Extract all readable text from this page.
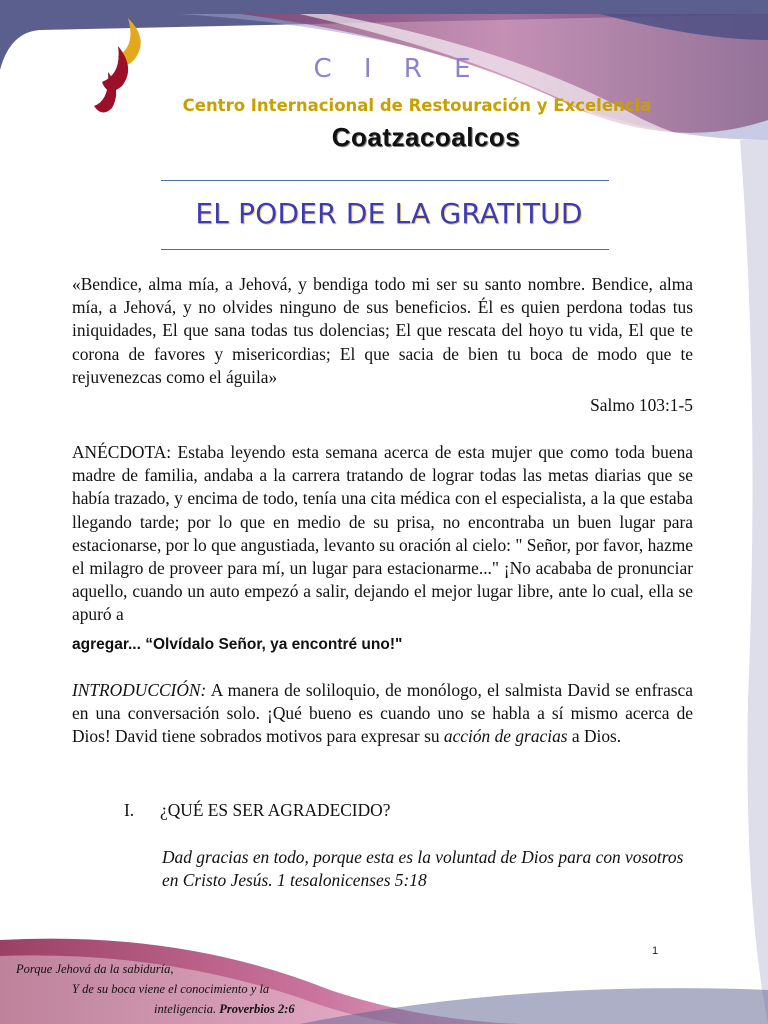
C I R E
Centro Internacional de Restouración y Excelencia
Coatzacoalcos
EL PODER DE LA GRATITUD
«Bendice, alma mía, a Jehová, y bendiga todo mi ser su santo nombre. Bendice, alma mía, a Jehová, y no olvides ninguno de sus beneficios. Él es quien perdona todas tus iniquidades, El que sana todas tus dolencias; El que rescata del hoyo tu vida, El que te corona de favores y misericordias; El que sacia de bien tu boca de modo que te rejuvenezcas como el águila»
Salmo 103:1-5
ANÉCDOTA: Estaba leyendo esta semana acerca de esta mujer que como toda buena madre de familia, andaba a la carrera tratando de lograr todas las metas diarias que se había trazado, y encima de todo, tenía una cita médica con el especialista, a la que estaba llegando tarde; por lo que en medio de su prisa, no encontraba un buen lugar para estacionarse, por lo que angustiada, levanto su oración al cielo: " Señor, por favor, hazme el milagro de proveer para mí, un lugar para estacionarme..." ¡No acababa de pronunciar aquello, cuando un auto empezó a salir, dejando el mejor lugar libre, ante lo cual, ella se apuró a
agregar... “Olvídalo Señor, ya encontré uno!"
INTRODUCCIÓN: A manera de soliloquio, de monólogo, el salmista David se enfrasca en una conversación solo. ¡Qué bueno es cuando uno se habla a sí mismo acerca de Dios! David tiene sobrados motivos para expresar su acción de gracias a Dios.
I. ¿QUÉ ES SER AGRADECIDO?
Dad gracias en todo, porque esta es la voluntad de Dios para con vosotros en Cristo Jesús. 1 tesalonicenses 5:18
1
Porque Jehová da la sabiduría,
Y de su boca viene el conocimiento y la
inteligencia. Proverbios 2:6
